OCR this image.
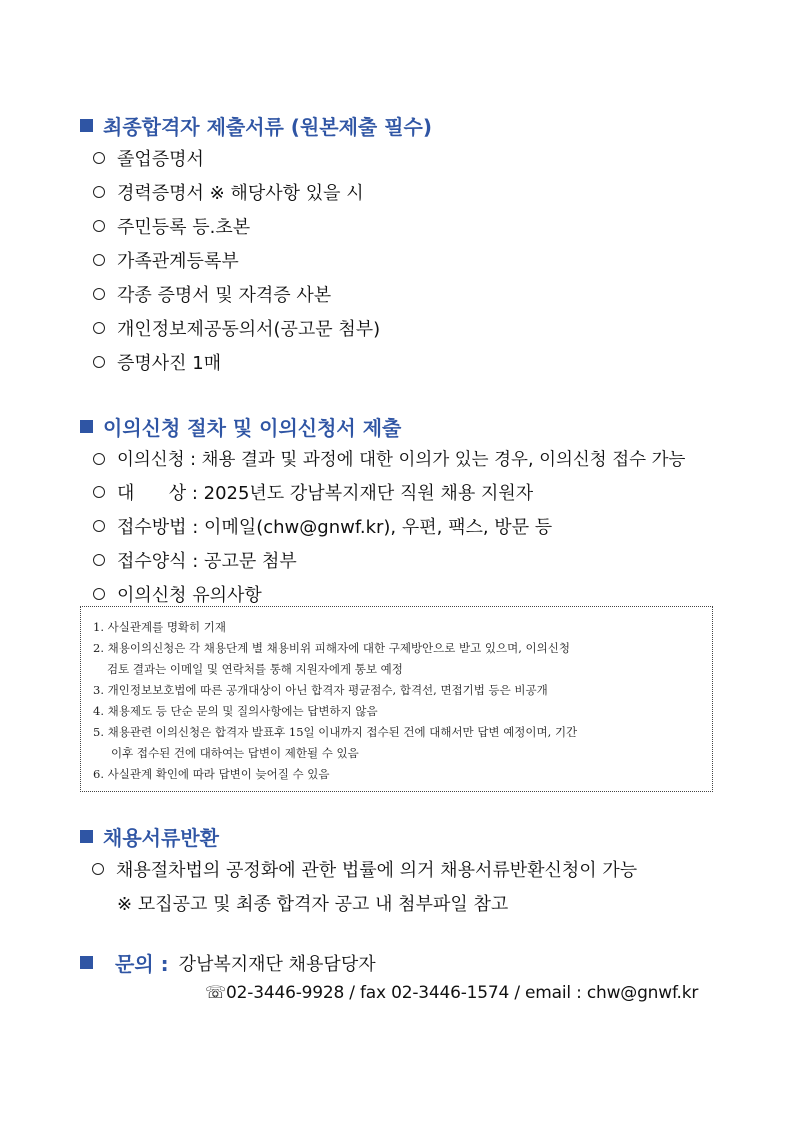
최종합격자 제출서류 (원본제출 필수)
졸업증명서
경력증명서 ※ 해당사항 있을 시
주민등록 등.초본
가족관계등록부
각종 증명서 및 자격증 사본
개인정보제공동의서(공고문 첨부)
증명사진 1매
이의신청 절차 및 이의신청서 제출
이의신청 : 채용 결과 및 과정에 대한 이의가 있는 경우, 이의신청 접수 가능
대      상 : 2025년도 강남복지재단 직원 채용 지원자
접수방법 : 이메일(chw@gnwf.kr), 우편, 팩스, 방문 등
접수양식 : 공고문 첨부
이의신청 유의사항
1. 사실관계를 명확히 기재
2. 채용이의신청은 각 채용단계 별 채용비위 피해자에 대한 구제방안으로 받고 있으며, 이의신청
검토 결과는 이메일 및 연락처를 통해 지원자에게 통보 예정
3. 개인정보보호법에 따른 공개대상이 아닌 합격자 평균점수, 합격선, 면접기법 등은 비공개
4. 채용제도 등 단순 문의 및 질의사항에는 답변하지 않음
5. 채용관련 이의신청은 합격자 발표후 15일 이내까지 접수된 건에 대해서만 답변 예정이며, 기간
이후 접수된 건에 대하여는 답변이 제한될 수 있음
6. 사실관계 확인에 따라 답변이 늦어질 수 있음
채용서류반환
채용절차법의 공정화에 관한 법률에 의거 채용서류반환신청이 가능
※ 모집공고 및 최종 합격자 공고 내 첨부파일 참고
문의 : 강남복지재단 채용담당자
☏02-3446-9928 / fax 02-3446-1574 / email : chw@gnwf.kr
